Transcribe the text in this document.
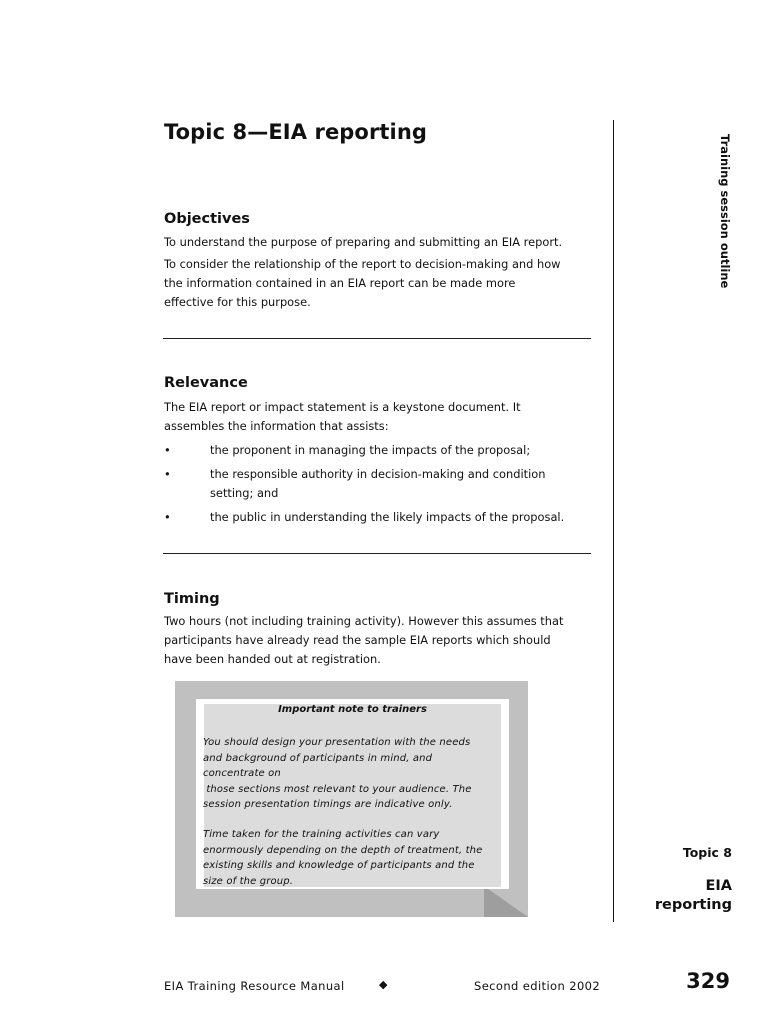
Topic 8—EIA reporting
Objectives

To understand the purpose of preparing and submitting an EIA report.

To consider the relationship of the report to decision-making and how

the information contained in an EIA report can be made more

effective for this purpose.

Relevance

The EIA report or impact statement is a keystone document. It

assembles the information that assists:

•	the proponent in managing the impacts of the proposal;
•	the responsible authority in decision-making and condition
setting; and
•	the public in understanding the likely impacts of the proposal.
Timing

Two hours (not including training activity). However this assumes that

participants have already read the sample EIA reports which should

have been handed out at registration.

Important note to trainers
You should design your presentation with the needs
and background of participants in mind, and
concentrate on
those sections most relevant to your audience. The
session presentation timings are indicative only.
Time taken for the training activities can vary
enormously depending on the depth of treatment, the
existing skills and knowledge of participants and the
size of the group.
Training session outline
Topic 8
EIA
reporting
EIA Training Resource Manual	◆	Second edition 2002	329
